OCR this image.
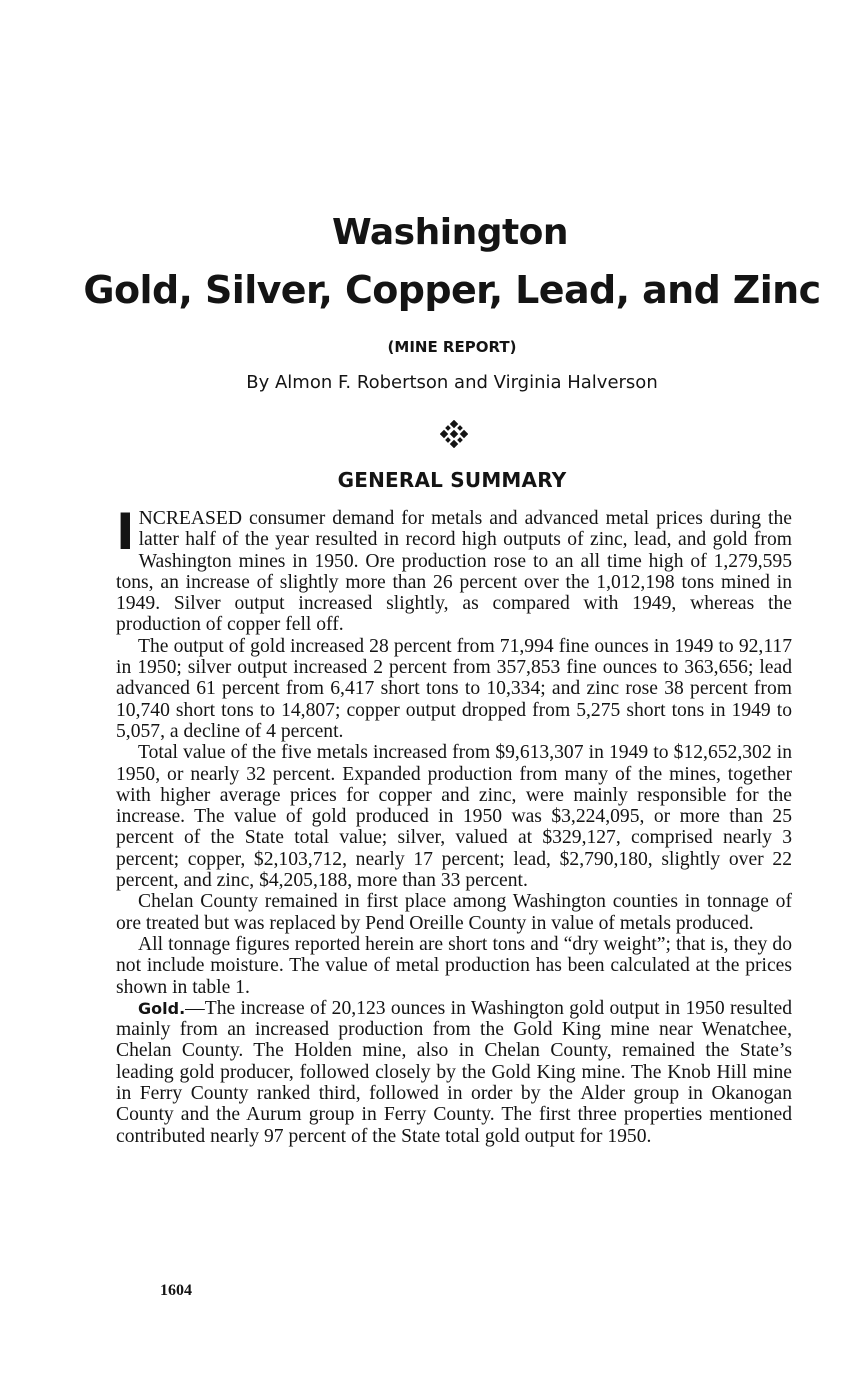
Washington
Gold, Silver, Copper, Lead, and Zinc
(MINE REPORT)
By Almon F. Robertson and Virginia Halverson
GENERAL SUMMARY

INCREASED consumer demand for metals and advanced metal prices during the latter half of the year resulted in record high outputs of zinc, lead, and gold from Washington mines in 1950. Ore production rose to an all time high of 1,279,595 tons, an increase of slightly more than 26 percent over the 1,012,198 tons mined in 1949. Silver output increased slightly, as compared with 1949, whereas the production of copper fell off.

The output of gold increased 28 percent from 71,994 fine ounces in 1949 to 92,117 in 1950; silver output increased 2 percent from 357,853 fine ounces to 363,656; lead advanced 61 percent from 6,417 short tons to 10,334; and zinc rose 38 percent from 10,740 short tons to 14,807; copper output dropped from 5,275 short tons in 1949 to 5,057, a decline of 4 percent.

Total value of the five metals increased from $9,613,307 in 1949 to $12,652,302 in 1950, or nearly 32 percent. Expanded production from many of the mines, together with higher average prices for copper and zinc, were mainly responsible for the increase. The value of gold produced in 1950 was $3,224,095, or more than 25 percent of the State total value; silver, valued at $329,127, comprised nearly 3 percent; copper, $2,103,712, nearly 17 percent; lead, $2,790,180, slightly over 22 percent, and zinc, $4,205,188, more than 33 percent.

Chelan County remained in first place among Washington counties in tonnage of ore treated but was replaced by Pend Oreille County in value of metals produced.

All tonnage figures reported herein are short tons and “dry weight”; that is, they do not include moisture. The value of metal production has been calculated at the prices shown in table 1.

Gold.—The increase of 20,123 ounces in Washington gold output in 1950 resulted mainly from an increased production from the Gold King mine near Wenatchee, Chelan County. The Holden mine, also in Chelan County, remained the State’s leading gold producer, followed closely by the Gold King mine. The Knob Hill mine in Ferry County ranked third, followed in order by the Alder group in Okanogan County and the Aurum group in Ferry County. The first three properties mentioned contributed nearly 97 percent of the State total gold output for 1950.

1604
